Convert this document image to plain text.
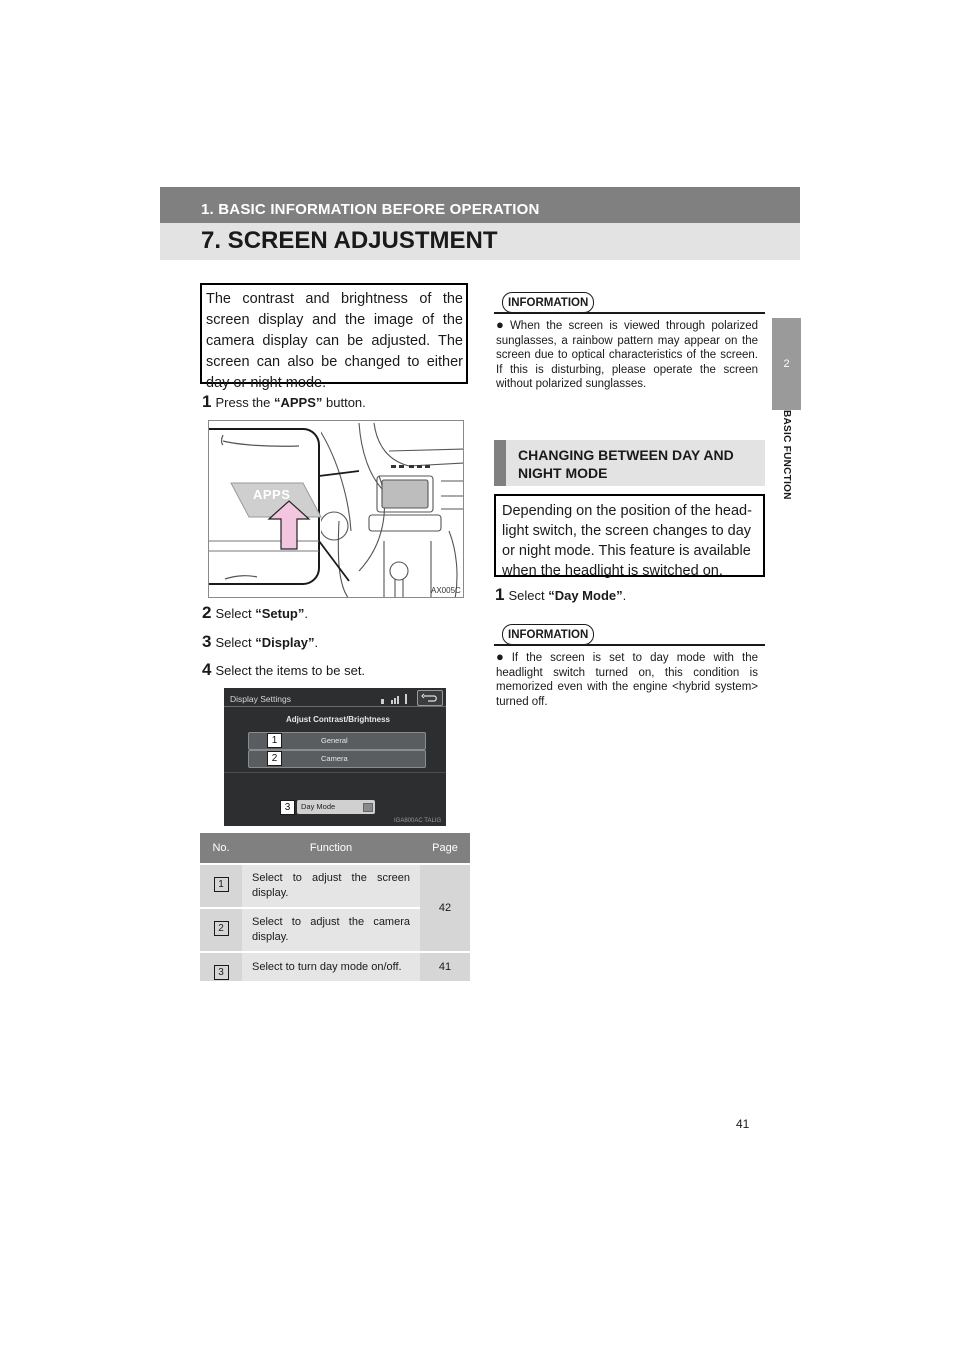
1. BASIC INFORMATION BEFORE OPERATION
7. SCREEN ADJUSTMENT
2
BASIC FUNCTION
The contrast and brightness of the screen display and the image of the camera display can be adjusted. The screen can also be changed to either day or night mode.
1 Press the “APPS” button.
AX005C
APPS
2 Select “Setup”.
3 Select “Display”.
4 Select the items to be set.
Display Settings
Adjust Contrast/Brightness
General
Camera
Day Mode
1
2
3
IGA800AC TALIG
No.	Function	Page
1	Select to adjust the screen display.	42
2	Select to adjust the camera display.	
3	Select to turn day mode on/off.	41
INFORMATION
● When the screen is viewed through polarized sunglasses, a rainbow pattern may appear on the screen due to optical characteristics of the screen. If this is disturbing, please operate the screen without polarized sunglasses.
CHANGING BETWEEN DAY AND NIGHT MODE
Depending on the position of the head-light switch, the screen changes to day or night mode. This feature is available when the headlight is switched on.
1 Select “Day Mode”.
INFORMATION
● If the screen is set to day mode with the headlight switch turned on, this condition is memorized even with the engine <hybrid system> turned off.
41
